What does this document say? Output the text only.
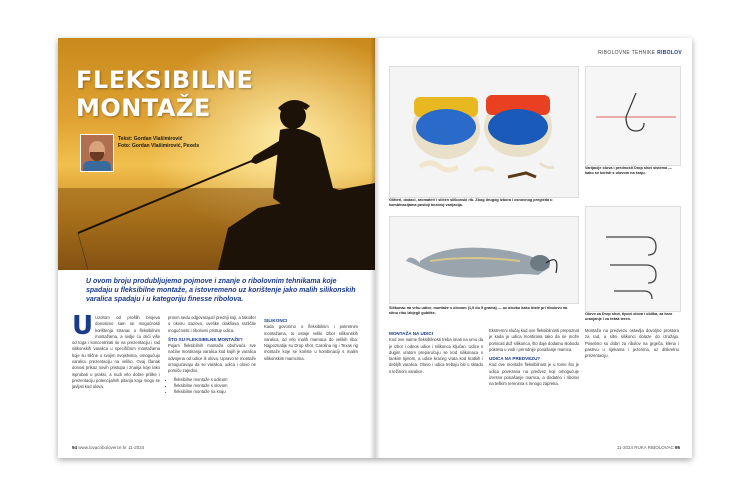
FLEKSIBILNE
MONTAŽE
Tekst: Gordan Vlašimirović
Foto: Gordan Vlašimirović, Pexels
U ovom broju produbljujemo pojmove i znanje o ribolovnim tehnikama koje spadaju u fleksibilne montaže, a istovremeno uz korištenje jako malih silikonskih varalica spadaju i u kategoriju finesse ribolova.
U Uzdrom od prošlih brojeva donosimo sam se mogućnosti korištenja stranac u fleksibilnim montažama, a ovdje ću otići više od toga i koncentrirati se na prezentaciju i rad silikonskih varalica u specifičnim montažama koje su slične u svojim svojstvima, omogućuju varalicu prezentaciju na veliko. Ovaj članak donosi prikaz novih pristupa i znanja koje lako isprobati u praksi, a nudi vrlo dobre prilike i prezentaciju potencijalnih pitanja koja mogu se javljati kod ulova.
provm sedu odgovarajući prednji koji, a također u okviru izazova, uvelike olakšava različite mogućnosti i ribolovni pristup udica.
ŠTO SU FLEKSIBILNE MONTAŽE?
Pojam fleksibilnih montaža obuhvaća sve načine montiranja varalica kod kojih je varalica odvojena od udice ili olova. Upravo te montaže omogućavaju da se varalica, udica i olovo ne pomiču zajedno.
• fleksibilne montaže s udicom
• fleksibilne montaže s olovom
• fleksibilne montaže na kraju
SILIKONCI
Kada govorimo o fleksibilnim i pokretnim montažama, tu ostaje veliki izbor silikonskih varalica, od vrlo malih mamaca do velikih riba. Najpoznatije su Drop shot, Carolina rig i Texas rig montaže koje se koriste u kombinaciji s malim silikonskim mamcima.
94 www.lovacriboloverce.hr 11-2024
RIBOLOVNE TEHNIKE RIBOLOV
Glitteri, dodaci, aromateri i sličen silikonski rib. Zbog drugog izbora i osnovnog pregleda u kombinacijama postoji bezbroj varijacija.
Silikonac na vrhu udice, montaže s olovom (1,5 do 5 grama) — uz olovku kako biste pri ribolovu na sitnu ribu izbjegli gubitke.
Varijacije olova i prednosti Drop shot sistema — kako se koristi s olovom na kraju.
Olovo za Drop shot, tipovi olova i oblika, za brzo uranjanje i za težak teren.
MONTAŽA NA UDICI
Kod ove naime fleksibilnosti treba imati na umu da je izbor i odnos udice i silikonca ključan. Udice s dugim vratom preporučuju se kod silikonaca s tankim tijelom, a udice kraćeg vrata kod kratkih i debljih varalica. Olovo i udica trebaju biti u skladu s težinom varalice.
Ekstremni slučaj kod ove fleksibilnosti prepoznat je kada je udica montirana tako da se može pomicati duž silikonca, što daje dodatnu slobodu pokreta u vodi i prirodnije ponašanje mamca.
UDICA NA PREDVEZU?
Kod ove montaže fleksibilnost je u tome što je udica povezana na predvez koji omogućuje izvrsno ponašanje mamca, a dodatno i ribolov na teškim terenima s mnogo zapreka.
Montaža na predvezu ostavlja dovoljno prostora za rad, a sitni silikonci dolaze do izražaja. Posebno su dobri za ribolov na grgeča, klena i pastrvu u rijekama i jezerima, uz diskretnu prezentaciju.
11-2024 RUKA RIBOLOVAC 95
